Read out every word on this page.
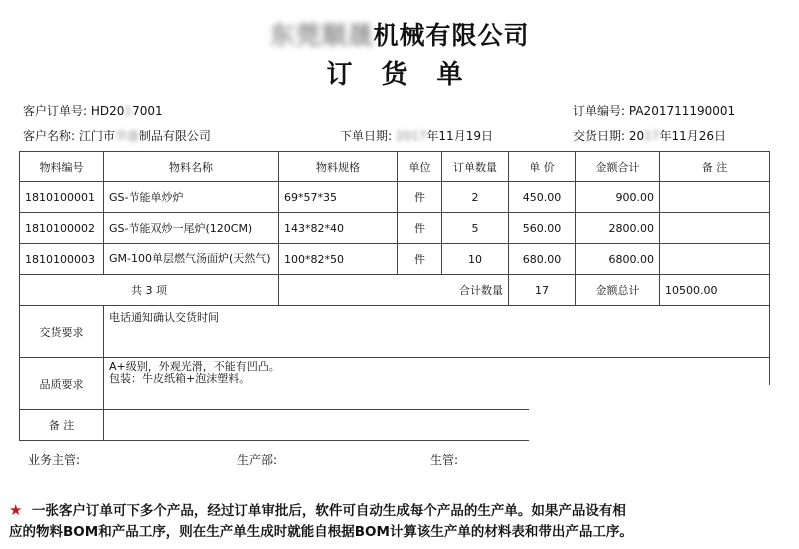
东莞顺晟机械有限公司
订 货 单
客户订单号: HD2017001	订单编号: PA201711190001
客户名称: 江门市华盛制品有限公司	下单日期: 2017年11月19日	交货日期: 2017年11月26日
物料编号	物料名称	物料规格	单位	订单数量	单 价	金额合计	备 注
1810100001	GS-节能单炒炉	69*57*35	件	2	450.00	900.00	
1810100002	GS-节能双炒一尾炉(120CM)	143*82*40	件	5	560.00	2800.00	
1810100003	GM-100单层燃气汤面炉(天然气)	100*82*50	件	10	680.00	6800.00	
共 3 项		合计数量			17	金额总计	10500.00
交货要求	电话通知确认交货时间						
品质要求	A+级别，外观光滑，不能有凹凸。
包装：牛皮纸箱+泡沫塑料。						

备 注							
业务主管:	生产部:	生管:
★ 一张客户订单可下多个产品，经过订单审批后，软件可自动生成每个产品的生产单。如果产品设有相
应的物料BOM和产品工序，则在生产单生成时就能自根据BOM计算该生产单的材料表和带出产品工序。
